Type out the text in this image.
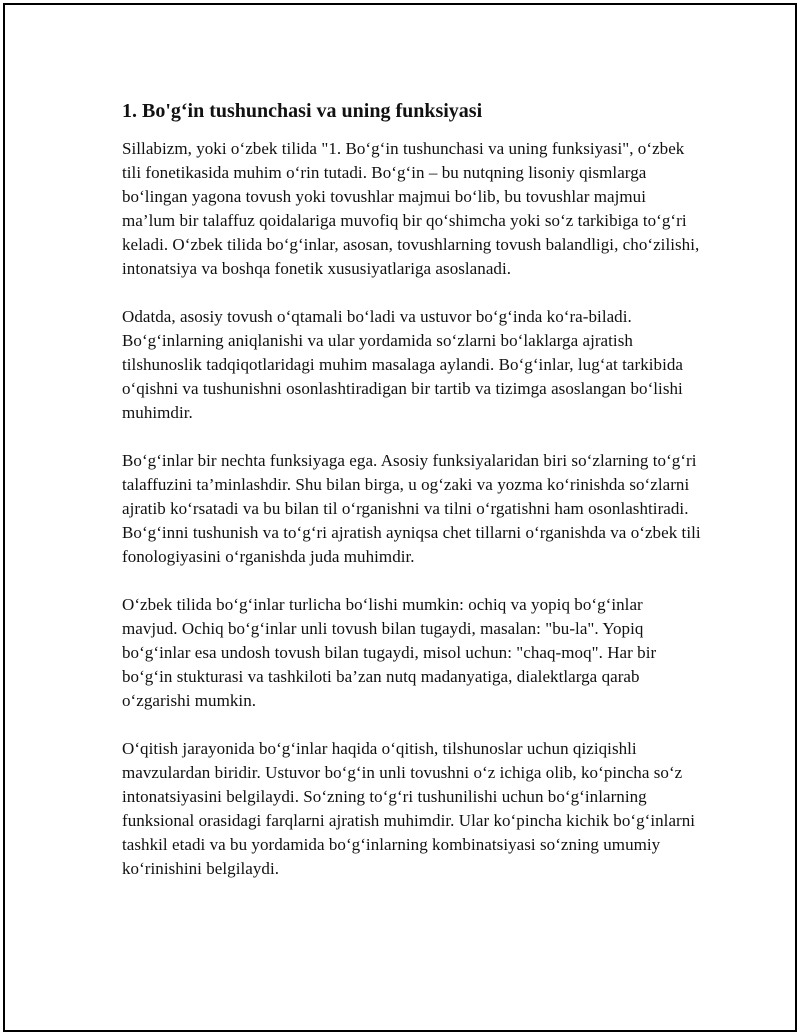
1. Bo'g‘in tushunchasi va uning funksiyasi

Sillabizm, yoki o‘zbek tilida "1. Bo‘g‘in tushunchasi va uning funksiyasi", o‘zbek tili fonetikasida muhim o‘rin tutadi. Bo‘g‘in – bu nutqning lisoniy qismlarga bo‘lingan yagona tovush yoki tovushlar majmui bo‘lib, bu tovushlar majmui ma’lum bir talaffuz qoidalariga muvofiq bir qo‘shimcha yoki so‘z tarkibiga to‘g‘ri keladi. O‘zbek tilida bo‘g‘inlar, asosan, tovushlarning tovush balandligi, cho‘zilishi, intonatsiya va boshqa fonetik xususiyatlariga asoslanadi.

Odatda, asosiy tovush o‘qtamali bo‘ladi va ustuvor bo‘g‘inda ko‘ra-biladi. Bo‘g‘inlarning aniqlanishi va ular yordamida so‘zlarni bo‘laklarga ajratish tilshunoslik tadqiqotlaridagi muhim masalaga aylandi. Bo‘g‘inlar, lug‘at tarkibida o‘qishni va tushunishni osonlashtiradigan bir tartib va tizimga asoslangan bo‘lishi muhimdir.

Bo‘g‘inlar bir nechta funksiyaga ega. Asosiy funksiyalaridan biri so‘zlarning to‘g‘ri talaffuzini ta’minlashdir. Shu bilan birga, u og‘zaki va yozma ko‘rinishda so‘zlarni ajratib ko‘rsatadi va bu bilan til o‘rganishni va tilni o‘rgatishni ham osonlashtiradi. Bo‘g‘inni tushunish va to‘g‘ri ajratish ayniqsa chet tillarni o‘rganishda va o‘zbek tili fonologiyasini o‘rganishda juda muhimdir.

O‘zbek tilida bo‘g‘inlar turlicha bo‘lishi mumkin: ochiq va yopiq bo‘g‘inlar mavjud. Ochiq bo‘g‘inlar unli tovush bilan tugaydi, masalan: "bu-la". Yopiq bo‘g‘inlar esa undosh tovush bilan tugaydi, misol uchun: "chaq-moq". Har bir bo‘g‘in stukturasi va tashkiloti ba’zan nutq madanyatiga, dialektlarga qarab o‘zgarishi mumkin.

O‘qitish jarayonida bo‘g‘inlar haqida o‘qitish, tilshunoslar uchun qiziqishli mavzulardan biridir. Ustuvor bo‘g‘in unli tovushni o‘z ichiga olib, ko‘pincha so‘z intonatsiyasini belgilaydi. So‘zning to‘g‘ri tushunilishi uchun bo‘g‘inlarning funksional orasidagi farqlarni ajratish muhimdir. Ular ko‘pincha kichik bo‘g‘inlarni tashkil etadi va bu yordamida bo‘g‘inlarning kombinatsiyasi so‘zning umumiy ko‘rinishini belgilaydi.
